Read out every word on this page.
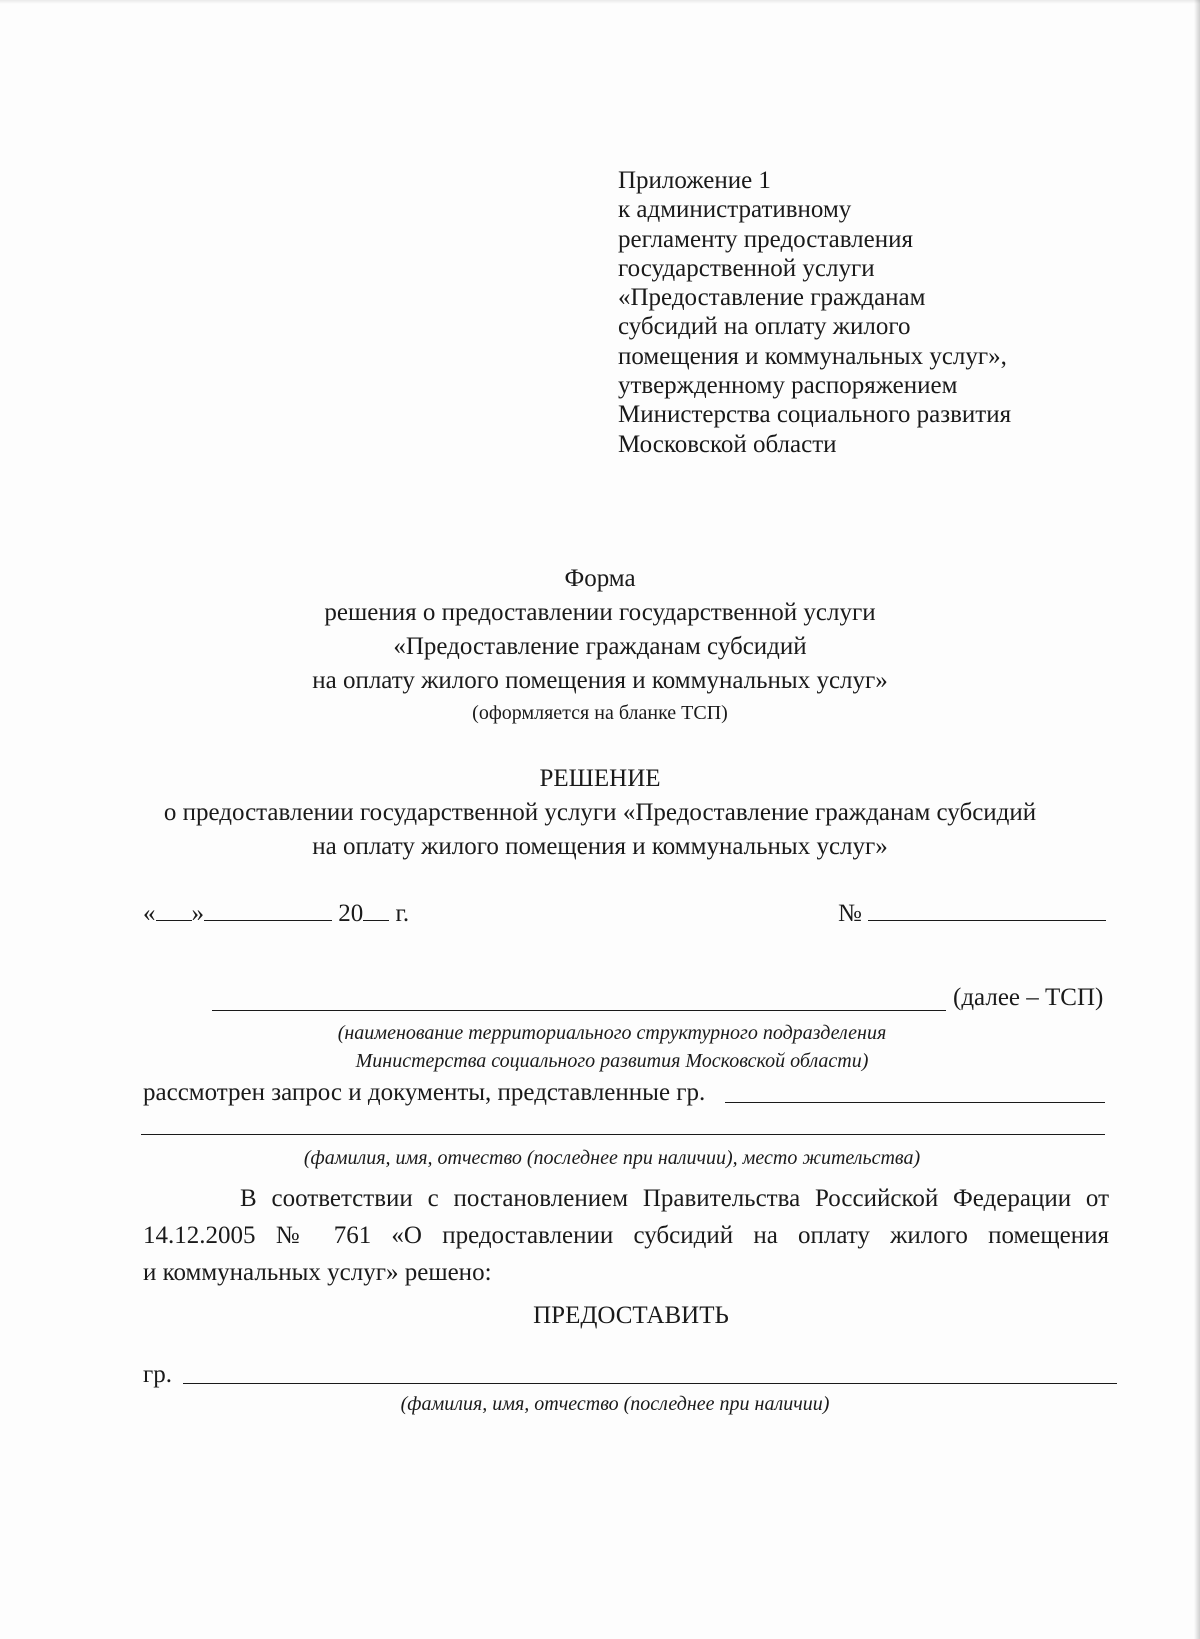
Приложение 1
к административному
регламенту предоставления
государственной услуги
«Предоставление гражданам
субсидий на оплату жилого
помещения и коммунальных услуг»,
утвержденному распоряжением
Министерства социального развития
Московской области
Форма
решения о предоставлении государственной услуги
«Предоставление гражданам субсидий
на оплату жилого помещения и коммунальных услуг»
(оформляется на бланке ТСП)
РЕШЕНИЕ
о предоставлении государственной услуги «Предоставление гражданам субсидий
на оплату жилого помещения и коммунальных услуг»
« »	20 г.	№
(далее – ТСП)
(наименование территориального структурного подразделения
Министерства социального развития Московской области)
рассмотрен запрос и документы, представленные гр.
(фамилия, имя, отчество (последнее при наличии), место жительства)
В соответствии с постановлением Правительства Российской Федерации от
14.12.2005 № 761 «О предоставлении субсидий на оплату жилого помещения
и коммунальных услуг» решено:
ПРЕДОСТАВИТЬ
гр.
(фамилия, имя, отчество (последнее при наличии)
